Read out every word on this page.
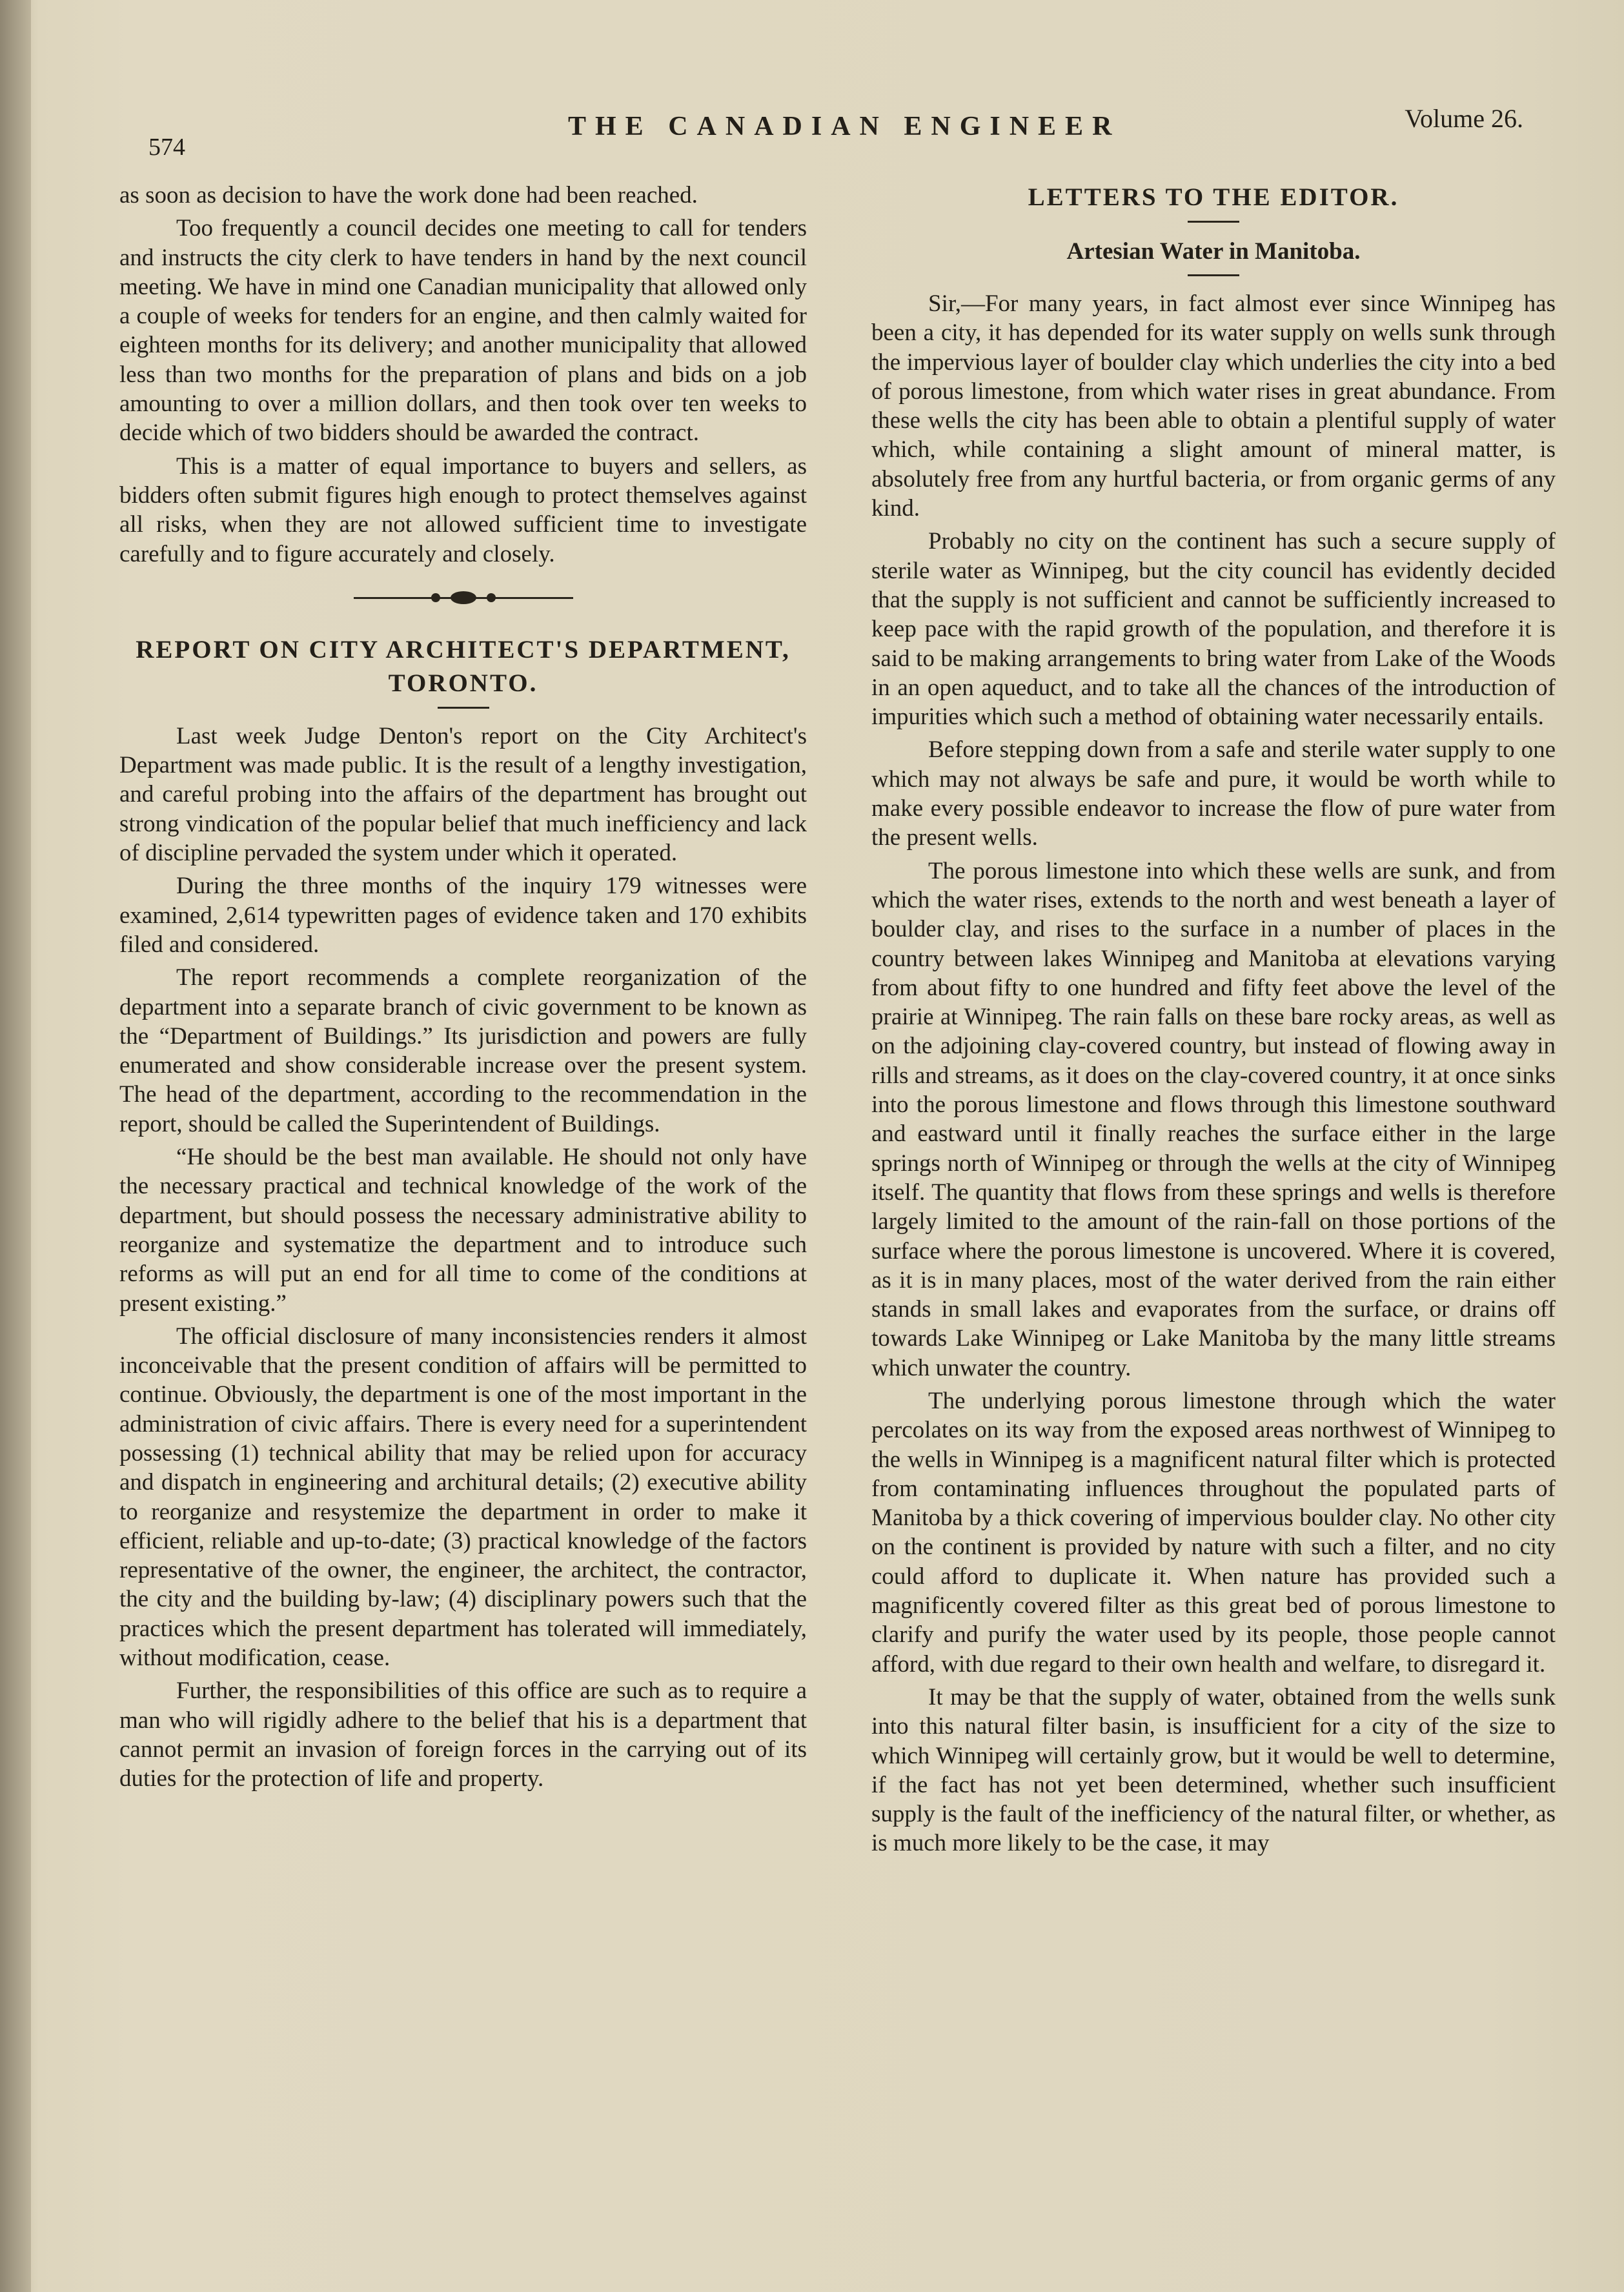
574
THE CANADIAN ENGINEER	Volume 26.

as soon as decision to have the work done had been reached.

Too frequently a council decides one meeting to call for tenders and instructs the city clerk to have tenders in hand by the next council meeting. We have in mind one Canadian municipality that allowed only a couple of weeks for tenders for an engine, and then calmly waited for eighteen months for its delivery; and another municipality that allowed less than two months for the preparation of plans and bids on a job amounting to over a million dollars, and then took over ten weeks to decide which of two bidders should be awarded the contract.

This is a matter of equal importance to buyers and sellers, as bidders often submit figures high enough to protect themselves against all risks, when they are not allowed sufficient time to investigate carefully and to figure accurately and closely.

REPORT ON CITY ARCHITECT'S DEPARTMENT, TORONTO.

Last week Judge Denton's report on the City Architect's Department was made public. It is the result of a lengthy investigation, and careful probing into the affairs of the department has brought out strong vindication of the popular belief that much inefficiency and lack of discipline pervaded the system under which it operated.

During the three months of the inquiry 179 witnesses were examined, 2,614 typewritten pages of evidence taken and 170 exhibits filed and considered.

The report recommends a complete reorganization of the department into a separate branch of civic government to be known as the “Department of Buildings.” Its jurisdiction and powers are fully enumerated and show considerable increase over the present system. The head of the department, according to the recommendation in the report, should be called the Superintendent of Buildings.

“He should be the best man available. He should not only have the necessary practical and technical knowledge of the work of the department, but should possess the necessary administrative ability to reorganize and systematize the department and to introduce such reforms as will put an end for all time to come of the conditions at present existing.”

The official disclosure of many inconsistencies renders it almost inconceivable that the present condition of affairs will be permitted to continue. Obviously, the department is one of the most important in the administration of civic affairs. There is every need for a superintendent possessing (1) technical ability that may be relied upon for accuracy and dispatch in engineering and architural details; (2) executive ability to reorganize and resystemize the department in order to make it efficient, reliable and up-to-date; (3) practical knowledge of the factors representative of the owner, the engineer, the architect, the contractor, the city and the building by-law; (4) disciplinary powers such that the practices which the present department has tolerated will immediately, without modification, cease.

Further, the responsibilities of this office are such as to require a man who will rigidly adhere to the belief that his is a department that cannot permit an invasion of foreign forces in the carrying out of its duties for the protection of life and property.

LETTERS TO THE EDITOR.
Artesian Water in Manitoba.

Sir,—For many years, in fact almost ever since Winnipeg has been a city, it has depended for its water supply on wells sunk through the impervious layer of boulder clay which underlies the city into a bed of porous limestone, from which water rises in great abundance. From these wells the city has been able to obtain a plentiful supply of water which, while containing a slight amount of mineral matter, is absolutely free from any hurtful bacteria, or from organic germs of any kind.

Probably no city on the continent has such a secure supply of sterile water as Winnipeg, but the city council has evidently decided that the supply is not sufficient and cannot be sufficiently increased to keep pace with the rapid growth of the population, and therefore it is said to be making arrangements to bring water from Lake of the Woods in an open aqueduct, and to take all the chances of the introduction of impurities which such a method of obtaining water necessarily entails.

Before stepping down from a safe and sterile water supply to one which may not always be safe and pure, it would be worth while to make every possible endeavor to increase the flow of pure water from the present wells.

The porous limestone into which these wells are sunk, and from which the water rises, extends to the north and west beneath a layer of boulder clay, and rises to the surface in a number of places in the country between lakes Winnipeg and Manitoba at elevations varying from about fifty to one hundred and fifty feet above the level of the prairie at Winnipeg. The rain falls on these bare rocky areas, as well as on the adjoining clay-covered country, but instead of flowing away in rills and streams, as it does on the clay-covered country, it at once sinks into the porous limestone and flows through this limestone southward and eastward until it finally reaches the surface either in the large springs north of Winnipeg or through the wells at the city of Winnipeg itself. The quantity that flows from these springs and wells is therefore largely limited to the amount of the rain-fall on those portions of the surface where the porous limestone is uncovered. Where it is covered, as it is in many places, most of the water derived from the rain either stands in small lakes and evaporates from the surface, or drains off towards Lake Winnipeg or Lake Manitoba by the many little streams which unwater the country.

The underlying porous limestone through which the water percolates on its way from the exposed areas northwest of Winnipeg to the wells in Winnipeg is a magnificent natural filter which is protected from contaminating influences throughout the populated parts of Manitoba by a thick covering of impervious boulder clay. No other city on the continent is provided by nature with such a filter, and no city could afford to duplicate it. When nature has provided such a magnificently covered filter as this great bed of porous limestone to clarify and purify the water used by its people, those people cannot afford, with due regard to their own health and welfare, to disregard it.

It may be that the supply of water, obtained from the wells sunk into this natural filter basin, is insufficient for a city of the size to which Winnipeg will certainly grow, but it would be well to determine, if the fact has not yet been determined, whether such insufficient supply is the fault of the inefficiency of the natural filter, or whether, as is much more likely to be the case, it may
